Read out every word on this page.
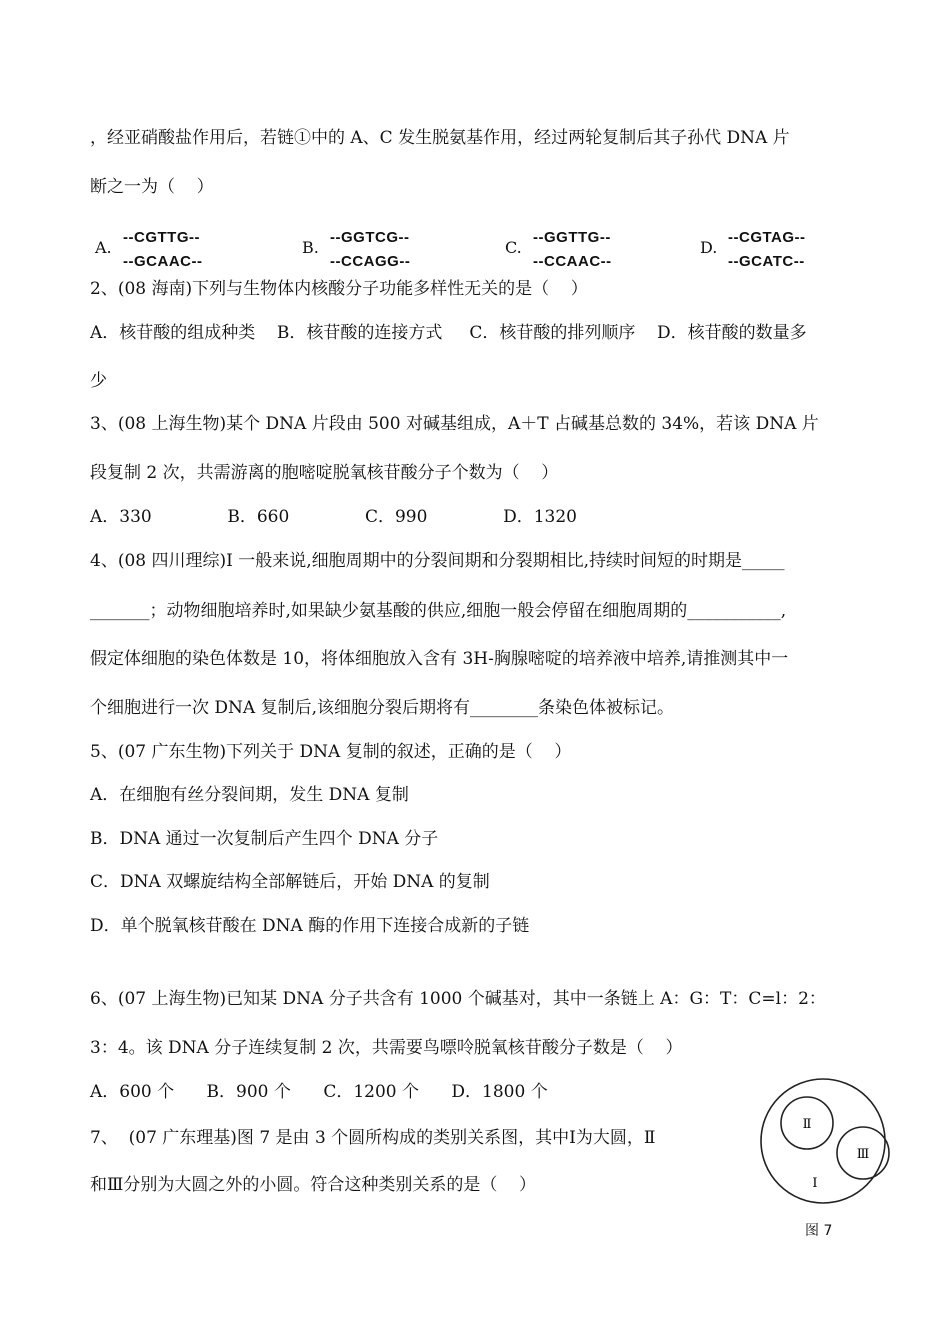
，经亚硝酸盐作用后，若链①中的 A、C 发生脱氨基作用，经过两轮复制后其子孙代 DNA 片

断之一为（    ）

A.
--CGTTG--
--GCAAC--
B.
--GGTCG--
--CCAGG--
C.
--GGTTG--
--CCAAC--
D.
--CGTAG--
--GCATC--

2、(08 海南)下列与生物体内核酸分子功能多样性无关的是（    ）

A．核苷酸的组成种类    B．核苷酸的连接方式     C．核苷酸的排列顺序    D．核苷酸的数量多

少

3、(08 上海生物)某个 DNA 片段由 500 对碱基组成，A＋T 占碱基总数的 34%，若该 DNA 片

段复制 2 次，共需游离的胞嘧啶脱氧核苷酸分子个数为（    ）

A．330              B．660              C．990              D．1320

4、(08 四川理综)Ⅰ 一般来说,细胞周期中的分裂间期和分裂期相比,持续时间短的时期是_____

_______；动物细胞培养时,如果缺少氨基酸的供应,细胞一般会停留在细胞周期的___________,

假定体细胞的染色体数是 10，将体细胞放入含有 3H-胸腺嘧啶的培养液中培养,请推测其中一

个细胞进行一次 DNA 复制后,该细胞分裂后期将有________条染色体被标记。

5、(07 广东生物)下列关于 DNA 复制的叙述，正确的是（    ）

A．在细胞有丝分裂间期，发生 DNA 复制

B．DNA 通过一次复制后产生四个 DNA 分子

C．DNA 双螺旋结构全部解链后，开始 DNA 的复制

D．单个脱氧核苷酸在 DNA 酶的作用下连接合成新的子链

6、(07 上海生物)已知某 DNA 分子共含有 1000 个碱基对，其中一条链上 A：G：T：C=l：2：

3：4。该 DNA 分子连续复制 2 次，共需要鸟嘌呤脱氧核苷酸分子数是（    ）

A．600 个      B．900 个      C．1200 个      D．1800 个

7、  (07 广东理基)图 7 是由 3 个圆所构成的类别关系图，其中Ⅰ为大圆，Ⅱ

和Ⅲ分别为大圆之外的小圆。符合这种类别关系的是（    ）

Ⅱ
Ⅲ
Ⅰ
图 7
